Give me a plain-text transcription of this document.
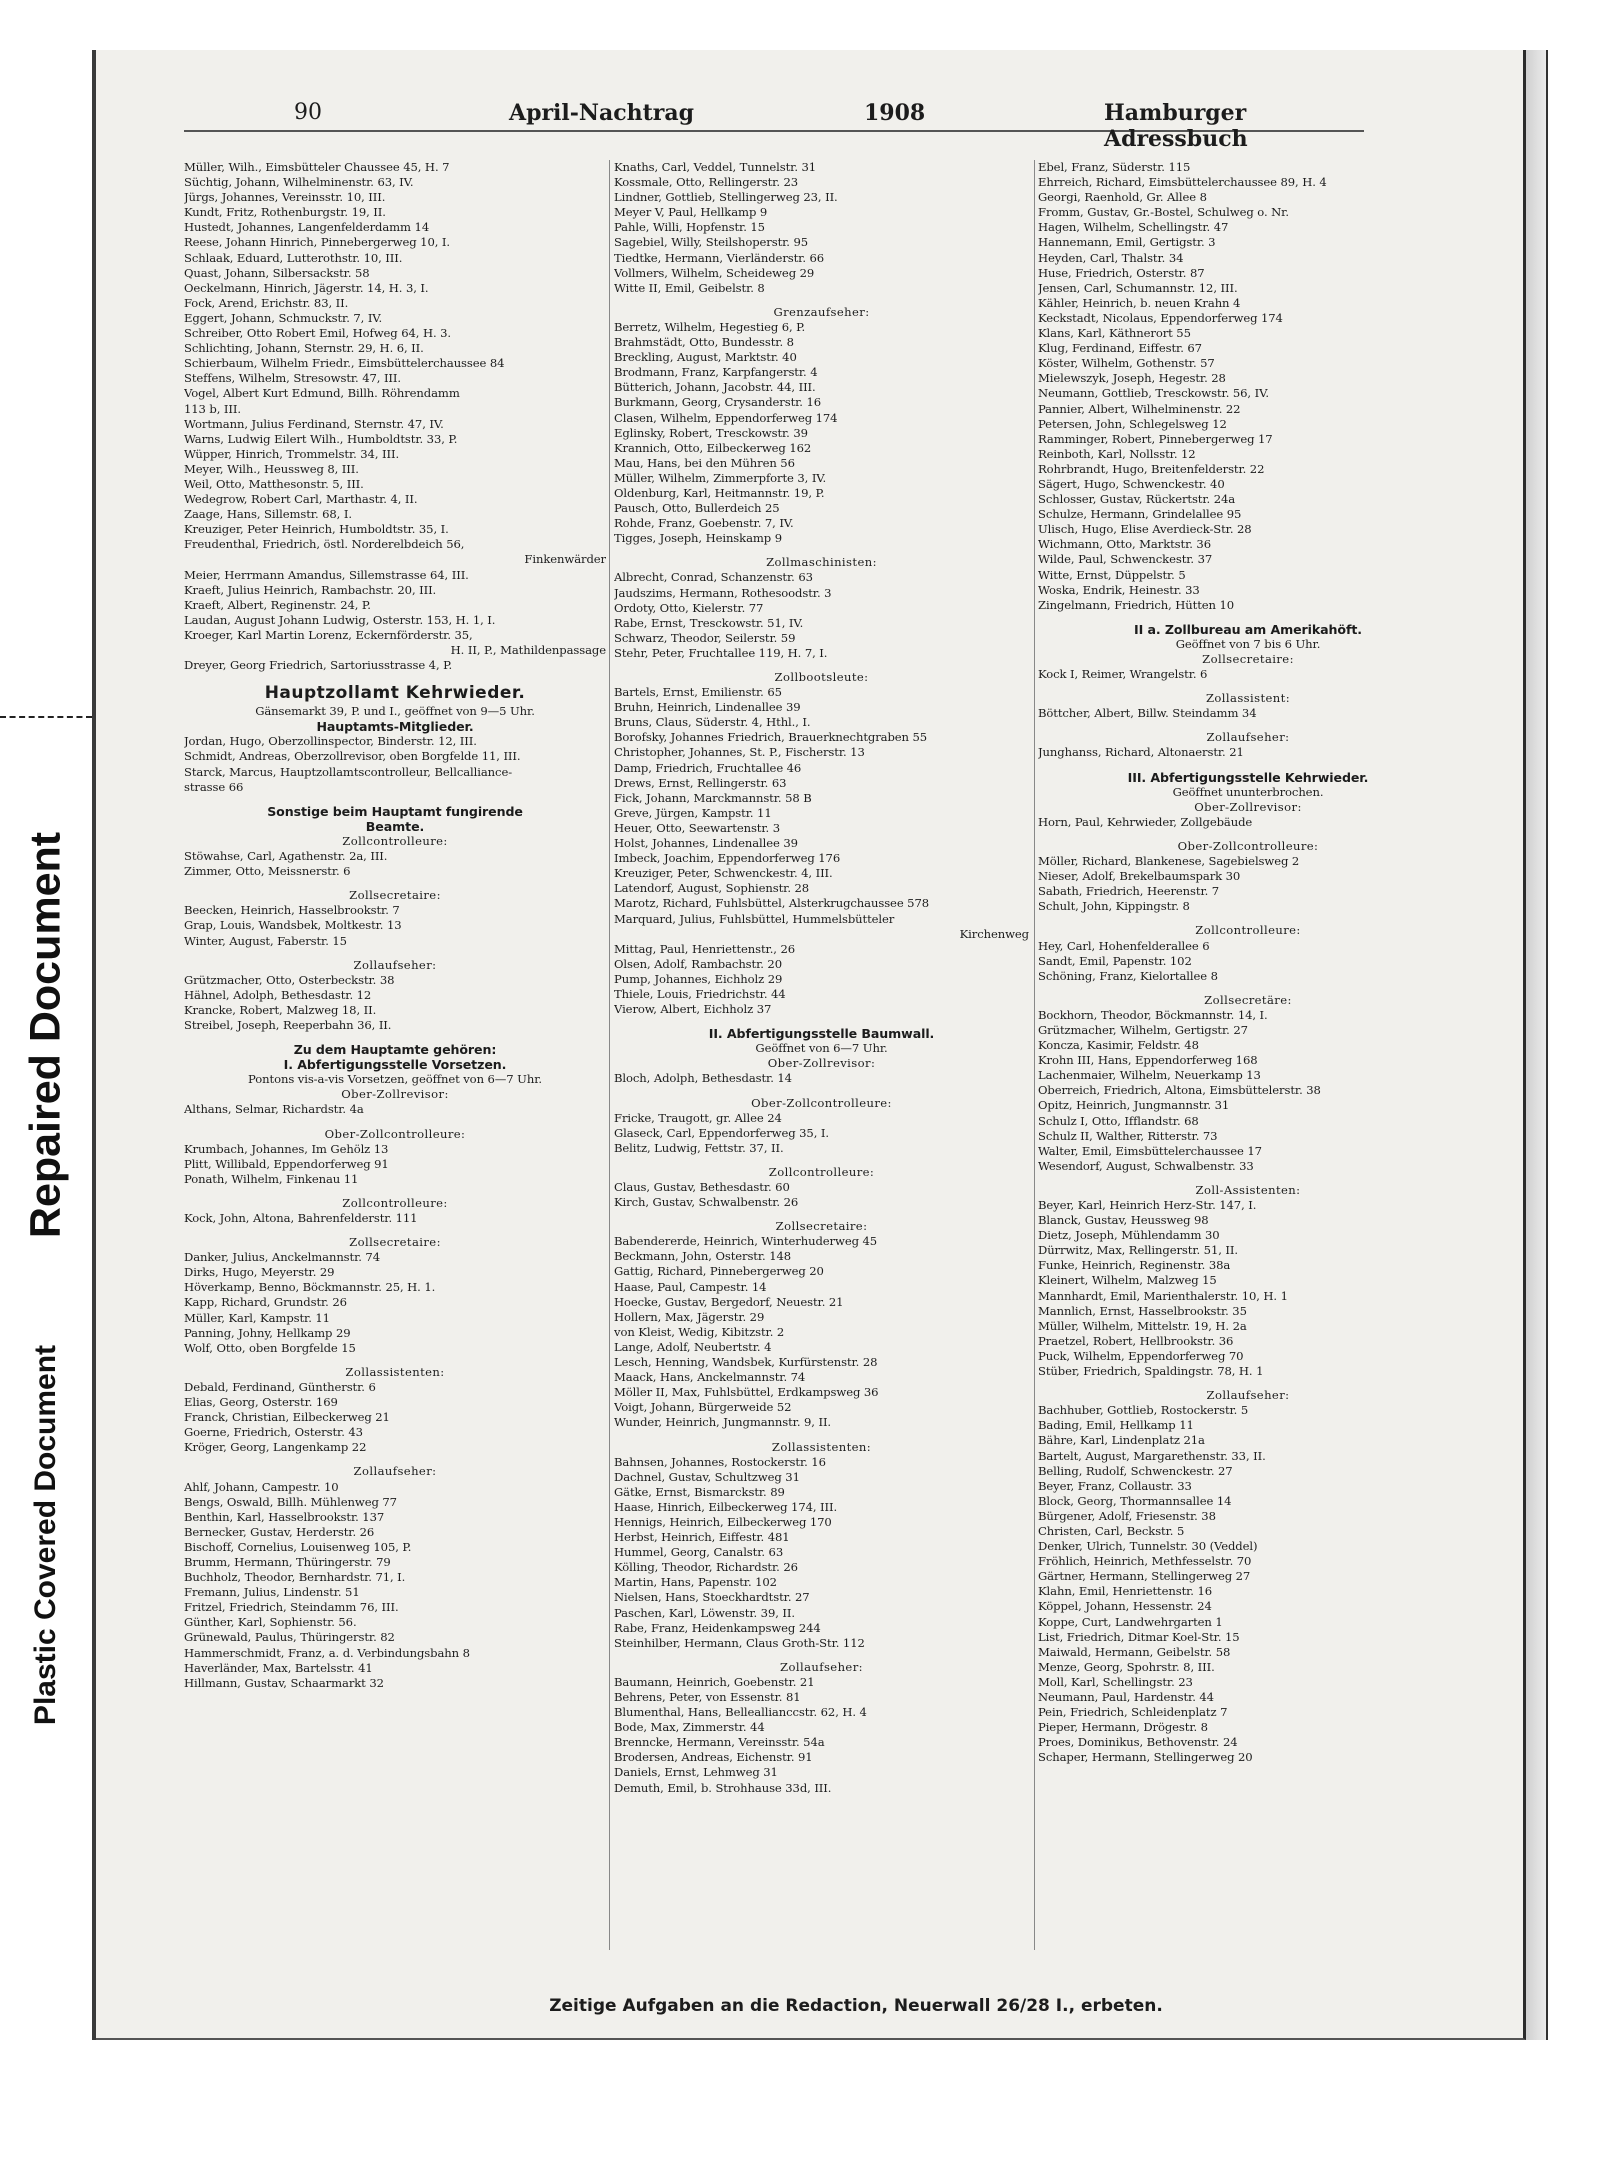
Repaired Document
Plastic Covered Document
90	April-Nachtrag	1908	Hamburger Adressbuch
Müller, Wilh., Eimsbütteler Chaussee 45, H. 7
Süchtig, Johann, Wilhelminenstr. 63, IV.
Jürgs, Johannes, Vereinsstr. 10, III.
Kundt, Fritz, Rothenburgstr. 19, II.
Hustedt, Johannes, Langenfelderdamm 14
Reese, Johann Hinrich, Pinnebergerweg 10, I.
Schlaak, Eduard, Lutterothstr. 10, III.
Quast, Johann, Silbersackstr. 58
Oeckelmann, Hinrich, Jägerstr. 14, H. 3, I.
Fock, Arend, Erichstr. 83, II.
Eggert, Johann, Schmuckstr. 7, IV.
Schreiber, Otto Robert Emil, Hofweg 64, H. 3.
Schlichting, Johann, Sternstr. 29, H. 6, II.
Schierbaum, Wilhelm Friedr., Eimsbüttelerchaussee 84
Steffens, Wilhelm, Stresowstr. 47, III.
Vogel, Albert Kurt Edmund, Billh. Röhrendamm
113 b, III.
Wortmann, Julius Ferdinand, Sternstr. 47, IV.
Warns, Ludwig Eilert Wilh., Humboldtstr. 33, P.
Wüpper, Hinrich, Trommelstr. 34, III.
Meyer, Wilh., Heussweg 8, III.
Weil, Otto, Matthesonstr. 5, III.
Wedegrow, Robert Carl, Marthastr. 4, II.
Zaage, Hans, Sillemstr. 68, I.
Kreuziger, Peter Heinrich, Humboldtstr. 35, I.
Freudenthal, Friedrich, östl. Norderelbdeich 56,
Finkenwärder
Meier, Herrmann Amandus, Sillemstrasse 64, III.
Kraeft, Julius Heinrich, Rambachstr. 20, III.
Kraeft, Albert, Reginenstr. 24, P.
Laudan, August Johann Ludwig, Osterstr. 153, H. 1, I.
Kroeger, Karl Martin Lorenz, Eckernförderstr. 35,
H. II, P., Mathildenpassage
Dreyer, Georg Friedrich, Sartoriusstrasse 4, P.
Hauptzollamt Kehrwieder.
Gänsemarkt 39, P. und I., geöffnet von 9—5 Uhr.
Hauptamts-Mitglieder.
Jordan, Hugo, Oberzollinspector, Binderstr. 12, III.
Schmidt, Andreas, Oberzollrevisor, oben Borgfelde 11, III.
Starck, Marcus, Hauptzollamtscontrolleur, Bellcalliance-
strasse 66
Sonstige beim Hauptamt fungirende
Beamte.
Zollcontrolleure:
Stöwahse, Carl, Agathenstr. 2a, III.
Zimmer, Otto, Meissnerstr. 6
Zollsecretaire:
Beecken, Heinrich, Hasselbrookstr. 7
Grap, Louis, Wandsbek, Moltkestr. 13
Winter, August, Faberstr. 15
Zollaufseher:
Grützmacher, Otto, Osterbeckstr. 38
Hähnel, Adolph, Bethesdastr. 12
Krancke, Robert, Malzweg 18, II.
Streibel, Joseph, Reeperbahn 36, II.
Zu dem Hauptamte gehören:
I. Abfertigungsstelle Vorsetzen.
Pontons vis-a-vis Vorsetzen, geöffnet von 6—7 Uhr.
Ober-Zollrevisor:
Althans, Selmar, Richardstr. 4a
Ober-Zollcontrolleure:
Krumbach, Johannes, Im Gehölz 13
Plitt, Willibald, Eppendorferweg 91
Ponath, Wilhelm, Finkenau 11
Zollcontrolleure:
Kock, John, Altona, Bahrenfelderstr. 111
Zollsecretaire:
Danker, Julius, Anckelmannstr. 74
Dirks, Hugo, Meyerstr. 29
Höverkamp, Benno, Böckmannstr. 25, H. 1.
Kapp, Richard, Grundstr. 26
Müller, Karl, Kampstr. 11
Panning, Johny, Hellkamp 29
Wolf, Otto, oben Borgfelde 15
Zollassistenten:
Debald, Ferdinand, Güntherstr. 6
Elias, Georg, Osterstr. 169
Franck, Christian, Eilbeckerweg 21
Goerne, Friedrich, Osterstr. 43
Kröger, Georg, Langenkamp 22
Zollaufseher:
Ahlf, Johann, Campestr. 10
Bengs, Oswald, Billh. Mühlenweg 77
Benthin, Karl, Hasselbrookstr. 137
Bernecker, Gustav, Herderstr. 26
Bischoff, Cornelius, Louisenweg 105, P.
Brumm, Hermann, Thüringerstr. 79
Buchholz, Theodor, Bernhardstr. 71, I.
Fremann, Julius, Lindenstr. 51
Fritzel, Friedrich, Steindamm 76, III.
Günther, Karl, Sophienstr. 56.
Grünewald, Paulus, Thüringerstr. 82
Hammerschmidt, Franz, a. d. Verbindungsbahn 8
Haverländer, Max, Bartelsstr. 41
Hillmann, Gustav, Schaarmarkt 32
Knaths, Carl, Veddel, Tunnelstr. 31
Kossmale, Otto, Rellingerstr. 23
Lindner, Gottlieb, Stellingerweg 23, II.
Meyer V, Paul, Hellkamp 9
Pahle, Willi, Hopfenstr. 15
Sagebiel, Willy, Steilshoperstr. 95
Tiedtke, Hermann, Vierländerstr. 66
Vollmers, Wilhelm, Scheideweg 29
Witte II, Emil, Geibelstr. 8
Grenzaufseher:
Berretz, Wilhelm, Hegestieg 6, P.
Brahmstädt, Otto, Bundesstr. 8
Breckling, August, Marktstr. 40
Brodmann, Franz, Karpfangerstr. 4
Bütterich, Johann, Jacobstr. 44, III.
Burkmann, Georg, Crysanderstr. 16
Clasen, Wilhelm, Eppendorferweg 174
Eglinsky, Robert, Tresckowstr. 39
Krannich, Otto, Eilbeckerweg 162
Mau, Hans, bei den Mühren 56
Müller, Wilhelm, Zimmerpforte 3, IV.
Oldenburg, Karl, Heitmannstr. 19, P.
Pausch, Otto, Bullerdeich 25
Rohde, Franz, Goebenstr. 7, IV.
Tigges, Joseph, Heinskamp 9
Zollmaschinisten:
Albrecht, Conrad, Schanzenstr. 63
Jaudszims, Hermann, Rothesoodstr. 3
Ordoty, Otto, Kielerstr. 77
Rabe, Ernst, Tresckowstr. 51, IV.
Schwarz, Theodor, Seilerstr. 59
Stehr, Peter, Fruchtallee 119, H. 7, I.
Zollbootsleute:
Bartels, Ernst, Emilienstr. 65
Bruhn, Heinrich, Lindenallee 39
Bruns, Claus, Süderstr. 4, Hthl., I.
Borofsky, Johannes Friedrich, Brauerknechtgraben 55
Christopher, Johannes, St. P., Fischerstr. 13
Damp, Friedrich, Fruchtallee 46
Drews, Ernst, Rellingerstr. 63
Fick, Johann, Marckmannstr. 58 B
Greve, Jürgen, Kampstr. 11
Heuer, Otto, Seewartenstr. 3
Holst, Johannes, Lindenallee 39
Imbeck, Joachim, Eppendorferweg 176
Kreuziger, Peter, Schwenckestr. 4, III.
Latendorf, August, Sophienstr. 28
Marotz, Richard, Fuhlsbüttel, Alsterkrugchaussee 578
Marquard, Julius, Fuhlsbüttel, Hummelsbütteler
Kirchenweg
Mittag, Paul, Henriettenstr., 26
Olsen, Adolf, Rambachstr. 20
Pump, Johannes, Eichholz 29
Thiele, Louis, Friedrichstr. 44
Vierow, Albert, Eichholz 37
II. Abfertigungsstelle Baumwall.
Geöffnet von 6—7 Uhr.
Ober-Zollrevisor:
Bloch, Adolph, Bethesdastr. 14
Ober-Zollcontrolleure:
Fricke, Traugott, gr. Allee 24
Glaseck, Carl, Eppendorferweg 35, I.
Belitz, Ludwig, Fettstr. 37, II.
Zollcontrolleure:
Claus, Gustav, Bethesdastr. 60
Kirch, Gustav, Schwalbenstr. 26
Zollsecretaire:
Babendererde, Heinrich, Winterhuderweg 45
Beckmann, John, Osterstr. 148
Gattig, Richard, Pinnebergerweg 20
Haase, Paul, Campestr. 14
Hoecke, Gustav, Bergedorf, Neuestr. 21
Hollern, Max, Jägerstr. 29
von Kleist, Wedig, Kibitzstr. 2
Lange, Adolf, Neubertstr. 4
Lesch, Henning, Wandsbek, Kurfürstenstr. 28
Maack, Hans, Anckelmannstr. 74
Möller II, Max, Fuhlsbüttel, Erdkampsweg 36
Voigt, Johann, Bürgerweide 52
Wunder, Heinrich, Jungmannstr. 9, II.
Zollassistenten:
Bahnsen, Johannes, Rostockerstr. 16
Dachnel, Gustav, Schultzweg 31
Gätke, Ernst, Bismarckstr. 89
Haase, Hinrich, Eilbeckerweg 174, III.
Hennigs, Heinrich, Eilbeckerweg 170
Herbst, Heinrich, Eiffestr. 481
Hummel, Georg, Canalstr. 63
Kölling, Theodor, Richardstr. 26
Martin, Hans, Papenstr. 102
Nielsen, Hans, Stoeckhardtstr. 27
Paschen, Karl, Löwenstr. 39, II.
Rabe, Franz, Heidenkampsweg 244
Steinhilber, Hermann, Claus Groth-Str. 112
Zollaufseher:
Baumann, Heinrich, Goebenstr. 21
Behrens, Peter, von Essenstr. 81
Blumenthal, Hans, Belleallianccstr. 62, H. 4
Bode, Max, Zimmerstr. 44
Brenncke, Hermann, Vereinsstr. 54a
Brodersen, Andreas, Eichenstr. 91
Daniels, Ernst, Lehmweg 31
Demuth, Emil, b. Strohhause 33d, III.
Ebel, Franz, Süderstr. 115
Ehrreich, Richard, Eimsbüttelerchaussee 89, H. 4
Georgi, Raenhold, Gr. Allee 8
Fromm, Gustav, Gr.-Bostel, Schulweg o. Nr.
Hagen, Wilhelm, Schellingstr. 47
Hannemann, Emil, Gertigstr. 3
Heyden, Carl, Thalstr. 34
Huse, Friedrich, Osterstr. 87
Jensen, Carl, Schumannstr. 12, III.
Kähler, Heinrich, b. neuen Krahn 4
Keckstadt, Nicolaus, Eppendorferweg 174
Klans, Karl, Käthnerort 55
Klug, Ferdinand, Eiffestr. 67
Köster, Wilhelm, Gothenstr. 57
Mielewszyk, Joseph, Hegestr. 28
Neumann, Gottlieb, Tresckowstr. 56, IV.
Pannier, Albert, Wilhelminenstr. 22
Petersen, John, Schlegelsweg 12
Ramminger, Robert, Pinnebergerweg 17
Reinboth, Karl, Nollsstr. 12
Rohrbrandt, Hugo, Breitenfelderstr. 22
Sägert, Hugo, Schwenckestr. 40
Schlosser, Gustav, Rückertstr. 24a
Schulze, Hermann, Grindelallee 95
Ulisch, Hugo, Elise Averdieck-Str. 28
Wichmann, Otto, Marktstr. 36
Wilde, Paul, Schwenckestr. 37
Witte, Ernst, Düppelstr. 5
Woska, Endrik, Heinestr. 33
Zingelmann, Friedrich, Hütten 10
II a. Zollbureau am Amerikahöft.
Geöffnet von 7 bis 6 Uhr.
Zollsecretaire:
Kock I, Reimer, Wrangelstr. 6
Zollassistent:
Böttcher, Albert, Billw. Steindamm 34
Zollaufseher:
Junghanss, Richard, Altonaerstr. 21
III. Abfertigungsstelle Kehrwieder.
Geöffnet ununterbrochen.
Ober-Zollrevisor:
Horn, Paul, Kehrwieder, Zollgebäude
Ober-Zollcontrolleure:
Möller, Richard, Blankenese, Sagebielsweg 2
Nieser, Adolf, Brekelbaumspark 30
Sabath, Friedrich, Heerenstr. 7
Schult, John, Kippingstr. 8
Zollcontrolleure:
Hey, Carl, Hohenfelderallee 6
Sandt, Emil, Papenstr. 102
Schöning, Franz, Kielortallee 8
Zollsecretäre:
Bockhorn, Theodor, Böckmannstr. 14, I.
Grützmacher, Wilhelm, Gertigstr. 27
Koncza, Kasimir, Feldstr. 48
Krohn III, Hans, Eppendorferweg 168
Lachenmaier, Wilhelm, Neuerkamp 13
Oberreich, Friedrich, Altona, Eimsbüttelerstr. 38
Opitz, Heinrich, Jungmannstr. 31
Schulz I, Otto, Ifflandstr. 68
Schulz II, Walther, Ritterstr. 73
Walter, Emil, Eimsbüttelerchaussee 17
Wesendorf, August, Schwalbenstr. 33
Zoll-Assistenten:
Beyer, Karl, Heinrich Herz-Str. 147, I.
Blanck, Gustav, Heussweg 98
Dietz, Joseph, Mühlendamm 30
Dürrwitz, Max, Rellingerstr. 51, II.
Funke, Heinrich, Reginenstr. 38a
Kleinert, Wilhelm, Malzweg 15
Mannhardt, Emil, Marienthalerstr. 10, H. 1
Mannlich, Ernst, Hasselbrookstr. 35
Müller, Wilhelm, Mittelstr. 19, H. 2a
Praetzel, Robert, Hellbrookstr. 36
Puck, Wilhelm, Eppendorferweg 70
Stüber, Friedrich, Spaldingstr. 78, H. 1
Zollaufseher:
Bachhuber, Gottlieb, Rostockerstr. 5
Bading, Emil, Hellkamp 11
Bähre, Karl, Lindenplatz 21a
Bartelt, August, Margarethenstr. 33, II.
Belling, Rudolf, Schwenckestr. 27
Beyer, Franz, Collaustr. 33
Block, Georg, Thormannsallee 14
Bürgener, Adolf, Friesenstr. 38
Christen, Carl, Beckstr. 5
Denker, Ulrich, Tunnelstr. 30 (Veddel)
Fröhlich, Heinrich, Methfesselstr. 70
Gärtner, Hermann, Stellingerweg 27
Klahn, Emil, Henriettenstr. 16
Köppel, Johann, Hessenstr. 24
Koppe, Curt, Landwehrgarten 1
List, Friedrich, Ditmar Koel-Str. 15
Maiwald, Hermann, Geibelstr. 58
Menze, Georg, Spohrstr. 8, III.
Moll, Karl, Schellingstr. 23
Neumann, Paul, Hardenstr. 44
Pein, Friedrich, Schleidenplatz 7
Pieper, Hermann, Drögestr. 8
Proes, Dominikus, Bethovenstr. 24
Schaper, Hermann, Stellingerweg 20
Zeitige Aufgaben an die Redaction, Neuerwall 26/28 I., erbeten.
